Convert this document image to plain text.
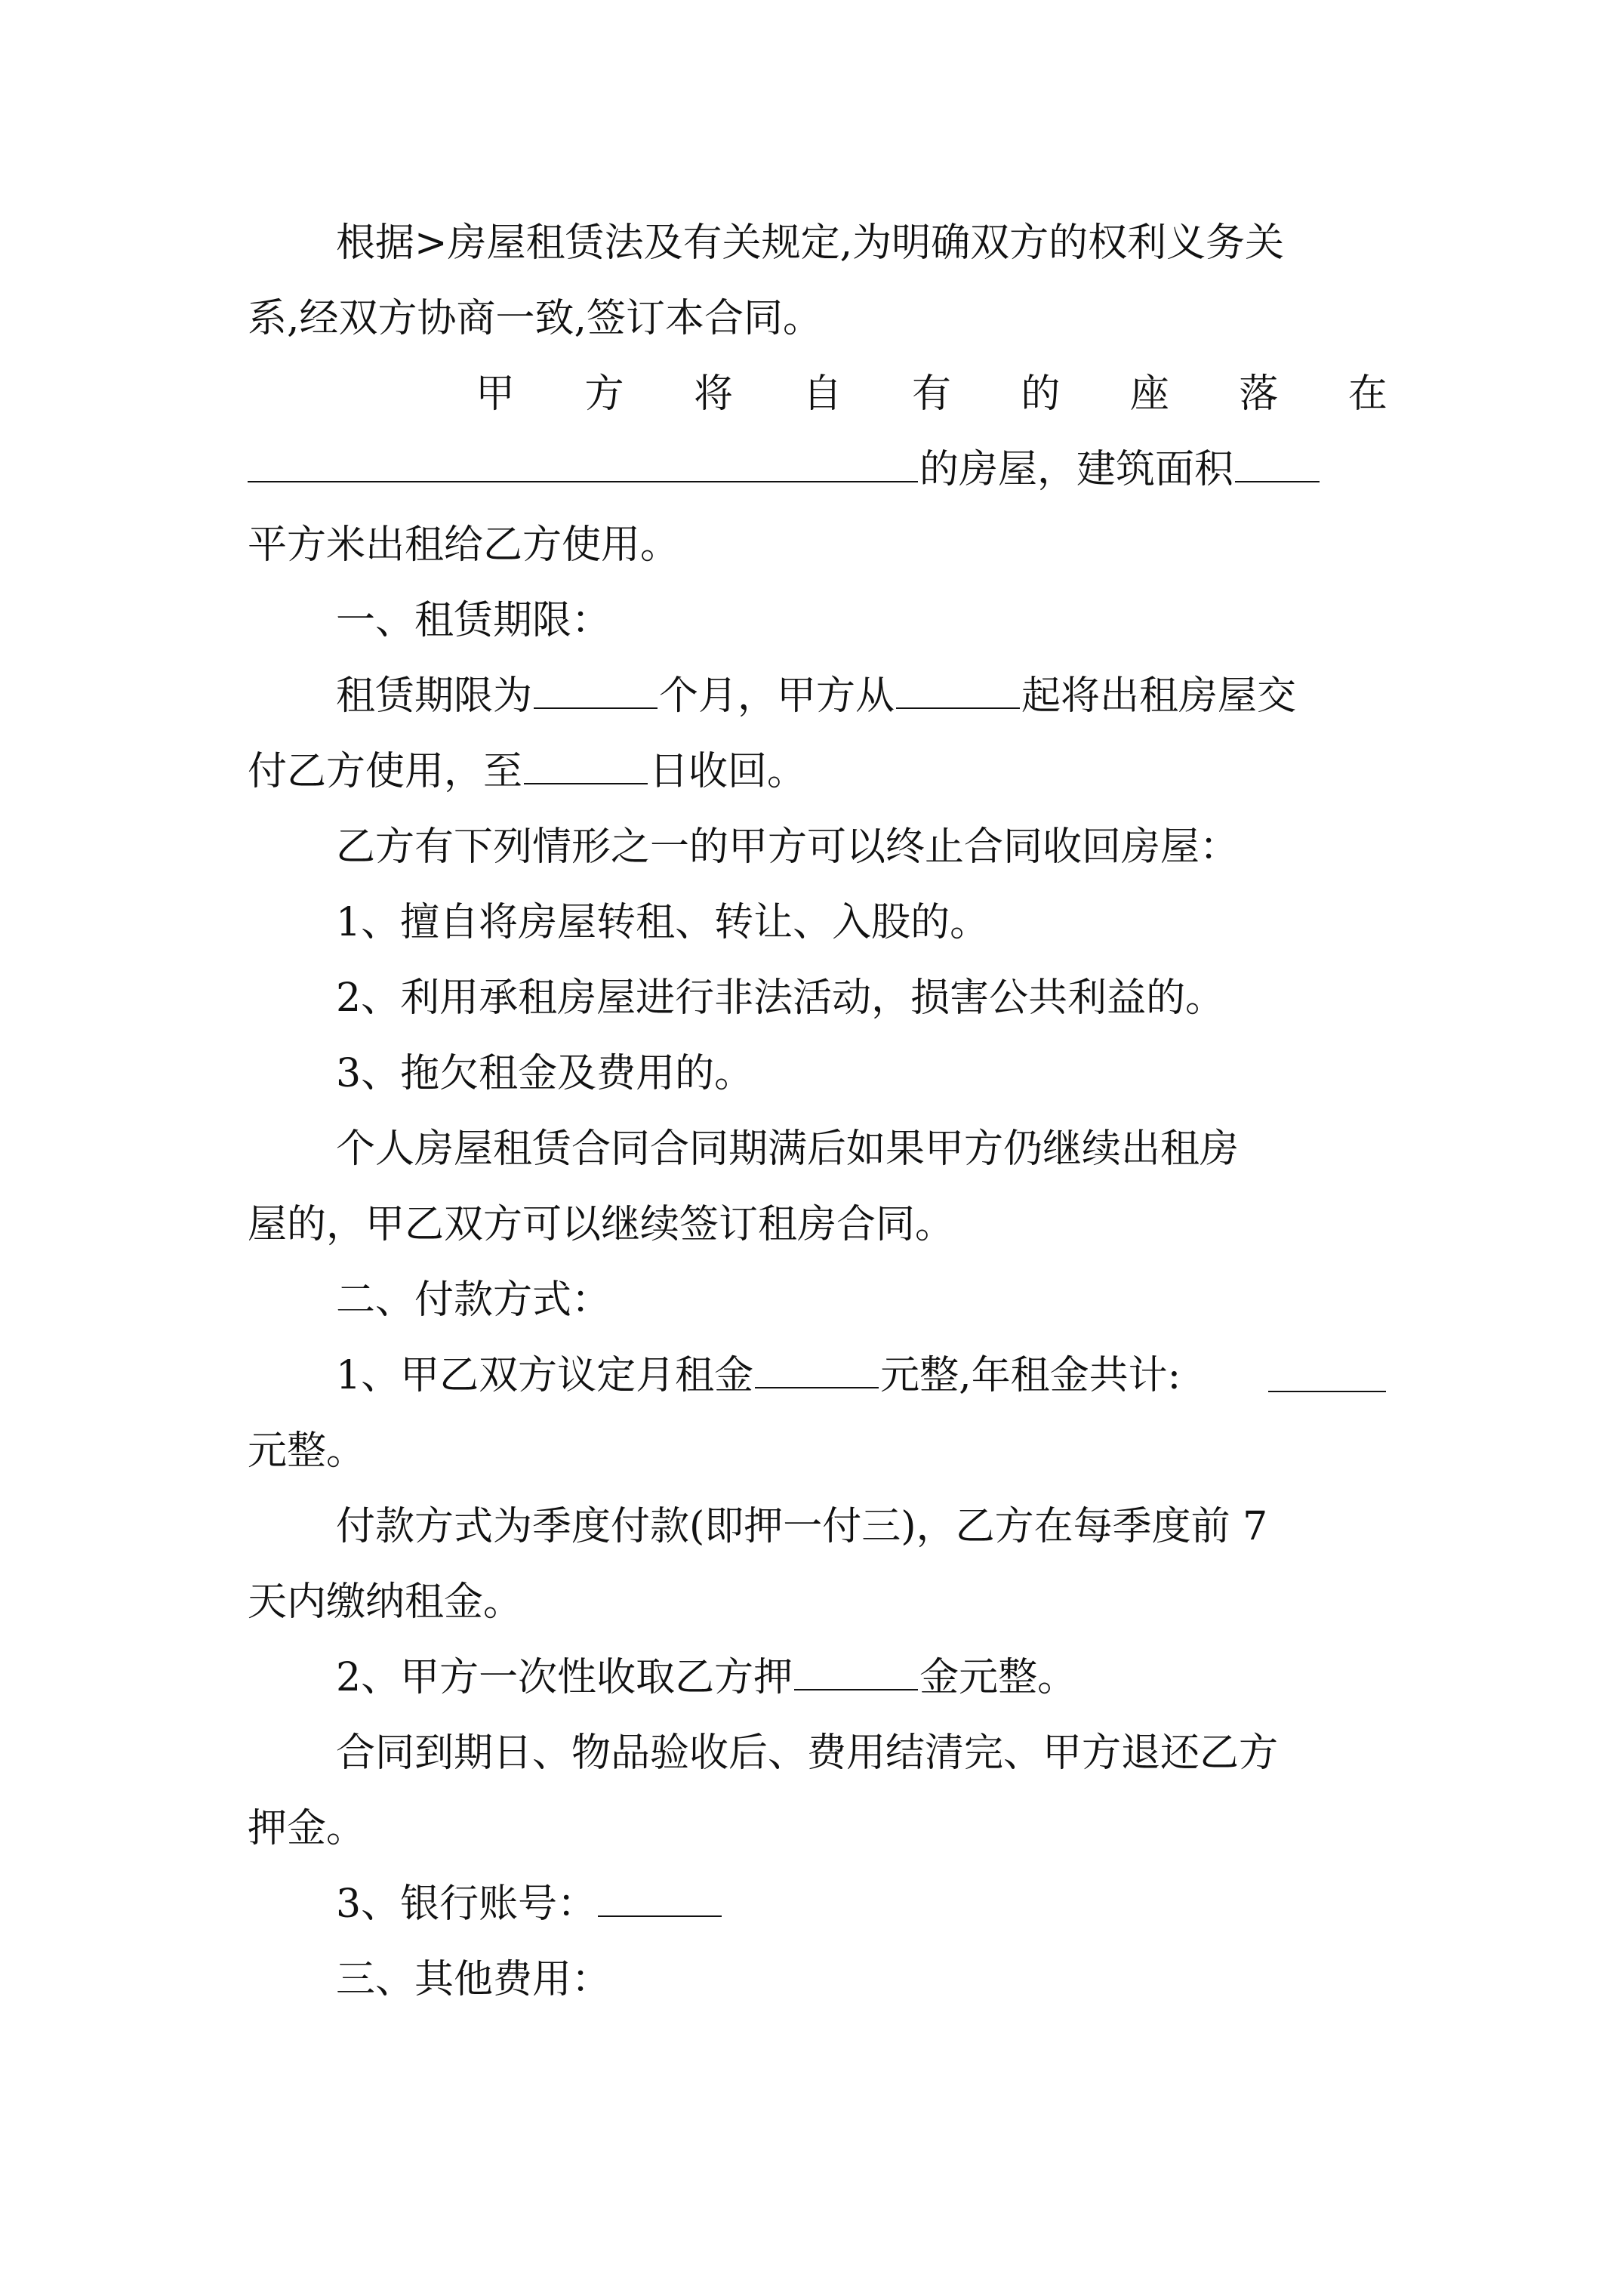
根据>房屋租赁法及有关规定,为明确双方的权利义务关
系,经双方协商一致,签订本合同。
甲 方 将 自 有 的 座 落 在
的房屋，建筑面积
平方米出租给乙方使用。
一、租赁期限：
租赁期限为	个月，甲方从	起将出租房屋交
付乙方使用，至	日收回。
乙方有下列情形之一的甲方可以终止合同收回房屋：
1、擅自将房屋转租、转让、入股的。
2、利用承租房屋进行非法活动，损害公共利益的。
3、拖欠租金及费用的。
个人房屋租赁合同合同期满后如果甲方仍继续出租房
屋的，甲乙双方可以继续签订租房合同。
二、付款方式：
1、甲乙双方议定月租金	元整,年租金共计:
元整。
付款方式为季度付款(即押一付三)，乙方在每季度前 7
天内缴纳租金。
2、甲方一次性收取乙方押	金元整。
合同到期日、物品验收后、费用结清完、甲方退还乙方
押金。
3、银行账号：
三、其他费用：
